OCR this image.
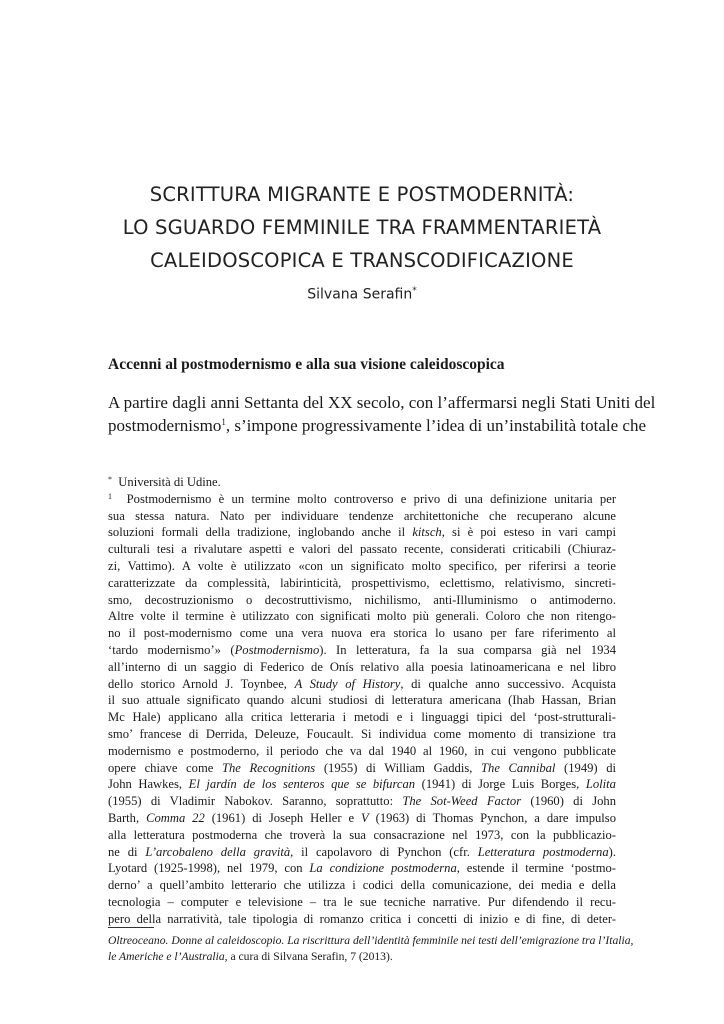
SCRITTURA MIGRANTE E POSTMODERNITÀ:
LO SGUARDO FEMMINILE TRA FRAMMENTARIETÀ
CALEIDOSCOPICA E TRANSCODIFICAZIONE
Silvana Serafin*
Accenni al postmodernismo e alla sua visione caleidoscopica
A partire dagli anni Settanta del XX secolo, con l’affermarsi negli Stati Uniti del
postmodernismo$^1$, s’impone progressivamente l’idea di un’instabilità totale che
* Università di Udine.
$^1$ Postmodernismo è un termine molto controverso e privo di una definizione unitaria per
sua stessa natura. Nato per individuare tendenze architettoniche che recuperano alcune
soluzioni formali della tradizione, inglobando anche il kitsch, si è poi esteso in vari campi
culturali tesi a rivalutare aspetti e valori del passato recente, considerati criticabili (Chiuraz-
zi, Vattimo). A volte è utilizzato «con un significato molto specifico, per riferirsi a teorie
caratterizzate da complessità, labirinticità, prospettivismo, eclettismo, relativismo, sincreti-
smo, decostruzionismo o decostruttivismo, nichilismo, anti-Illuminismo o antimoderno.
Altre volte il termine è utilizzato con significati molto più generali. Coloro che non ritengo-
no il post-modernismo come una vera nuova era storica lo usano per fare riferimento al
‘tardo modernismo’» (Postmodernismo). In letteratura, fa la sua comparsa già nel 1934
all’interno di un saggio di Federico de Onís relativo alla poesia latinoamericana e nel libro
dello storico Arnold J. Toynbee, A Study of History, di qualche anno successivo. Acquista
il suo attuale significato quando alcuni studiosi di letteratura americana (Ihab Hassan, Brian
Mc Hale) applicano alla critica letteraria i metodi e i linguaggi tipici del ‘post-strutturali-
smo’ francese di Derrida, Deleuze, Foucault. Si individua come momento di transizione tra
modernismo e postmoderno, il periodo che va dal 1940 al 1960, in cui vengono pubblicate
opere chiave come The Recognitions (1955) di William Gaddis, The Cannibal (1949) di
John Hawkes, El jardín de los senteros que se bifurcan (1941) di Jorge Luis Borges, Lolita
(1955) di Vladimir Nabokov. Saranno, soprattutto: The Sot-Weed Factor (1960) di John
Barth, Comma 22 (1961) di Joseph Heller e V (1963) di Thomas Pynchon, a dare impulso
alla letteratura postmoderna che troverà la sua consacrazione nel 1973, con la pubblicazio-
ne di L’arcobaleno della gravità, il capolavoro di Pynchon (cfr. Letteratura postmoderna).
Lyotard (1925-1998), nel 1979, con La condizione postmoderna, estende il termine ‘postmo-
derno’ a quell’ambito letterario che utilizza i codici della comunicazione, dei media e della
tecnologia – computer e televisione – tra le sue tecniche narrative. Pur difendendo il recu-
pero della narratività, tale tipologia di romanzo critica i concetti di inizio e di fine, di deter-
Oltreoceano. Donne al caleidoscopio. La riscrittura dell’identità femminile nei testi dell’emigrazione tra l’Italia,
le Americhe e l’Australia, a cura di Silvana Serafin, 7 (2013).
